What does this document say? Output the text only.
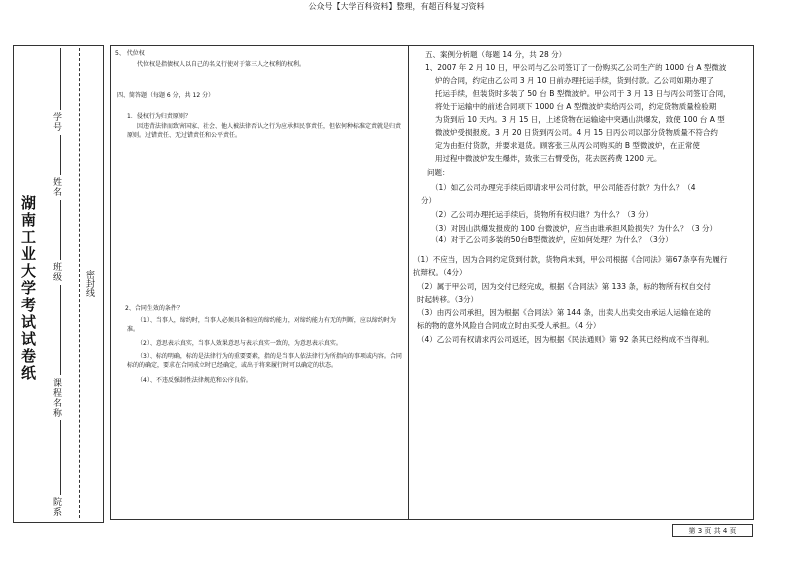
公众号【大学百科资料】整理，有超百科复习资料
湖南工业大学考试试卷纸
学号
姓名
班级
课程名称
院系
密封线
5、 代位权
代位权是指债权人以自己的名义行使对于第三人之权利的权利。
四、简答题（每题 6 分，共 12 分）
1．侵权行为归责原则？
因违背法律而致害国家、社会、他人被法律否认之行为应承担民事责任，但依何种标准定责就是归责原则。过错责任、无过错责任和公平责任。
2、合同生效的条件？
（1）、当事人，缔约时，当事人必须具备相应的缔约能力，对缔约能力有无的判断，应以缔约时为准。
（2）、意思表示真实，当事人效果意思与表示真实一致的，为意思表示真实。
（3）、标的明确，标的是法律行为的重要要素，指的是当事人依法律行为所指向的事项或内容。合同标的的确定，要求在合同成立时已经确定，或出于将来履行时可以确定的状态。
（4）、不违反强制性法律规范和公序良俗。
五、案例分析题（每题 14 分，共 28 分）
1、2007 年 2 月 10 日，甲公司与乙公司签订了一份购买乙公司生产的 1000 台 A 型微波
炉的合同，约定由乙公司 3 月 10 日前办理托运手续，货到付款。乙公司如期办理了
托运手续，但装货时多装了 50 台 B 型微波炉。甲公司于 3 月 13 日与丙公司签订合同，
将处于运输中的前述合同项下 1000 台 A 型微波炉卖给丙公司，约定货物质量检验期
为货到后 10 天内。3 月 15 日，上述货物在运输途中突遇山洪爆发，致使 100 台 A 型
微波炉受损报废。3 月 20 日货到丙公司。4 月 15 日丙公司以部分货物质量不符合约
定为由拒付货款，并要求退货。顾客张三从丙公司购买的 B 型微波炉，在正常使
用过程中微波炉发生爆炸，致张三右臂受伤，花去医药费 1200 元。
问题：
（1）如乙公司办理完手续后即请求甲公司付款，甲公司能否付款？为什么？（4
分）
（2）乙公司办理托运手续后，货物所有权归谁？为什么？（3 分）
（3）对因山洪爆发报废的 100 台微波炉，应当由谁承担风险损失？为什么？（3 分）
（4）对于乙公司多装的50台B型微波炉，应如何处理？为什么？（3分）
（1）不应当，因为合同约定货到付款，货物尚未到，甲公司根据《合同法》第67条享有先履行
抗辩权。（4分）
（2）属于甲公司，因为交付已经完成，根据《合同法》第 133 条，标的物所有权自交付
时起转移。（3分）
（3）由丙公司承担，因为根据《合同法》第 144 条，出卖人出卖交由承运人运输在途的
标的物的意外风险自合同成立时由买受人承担。（4 分）
（4）乙公司有权请求丙公司返还，因为根据《民法通则》第 92 条其已经构成不当得利。
第 3 页 共 4 页
